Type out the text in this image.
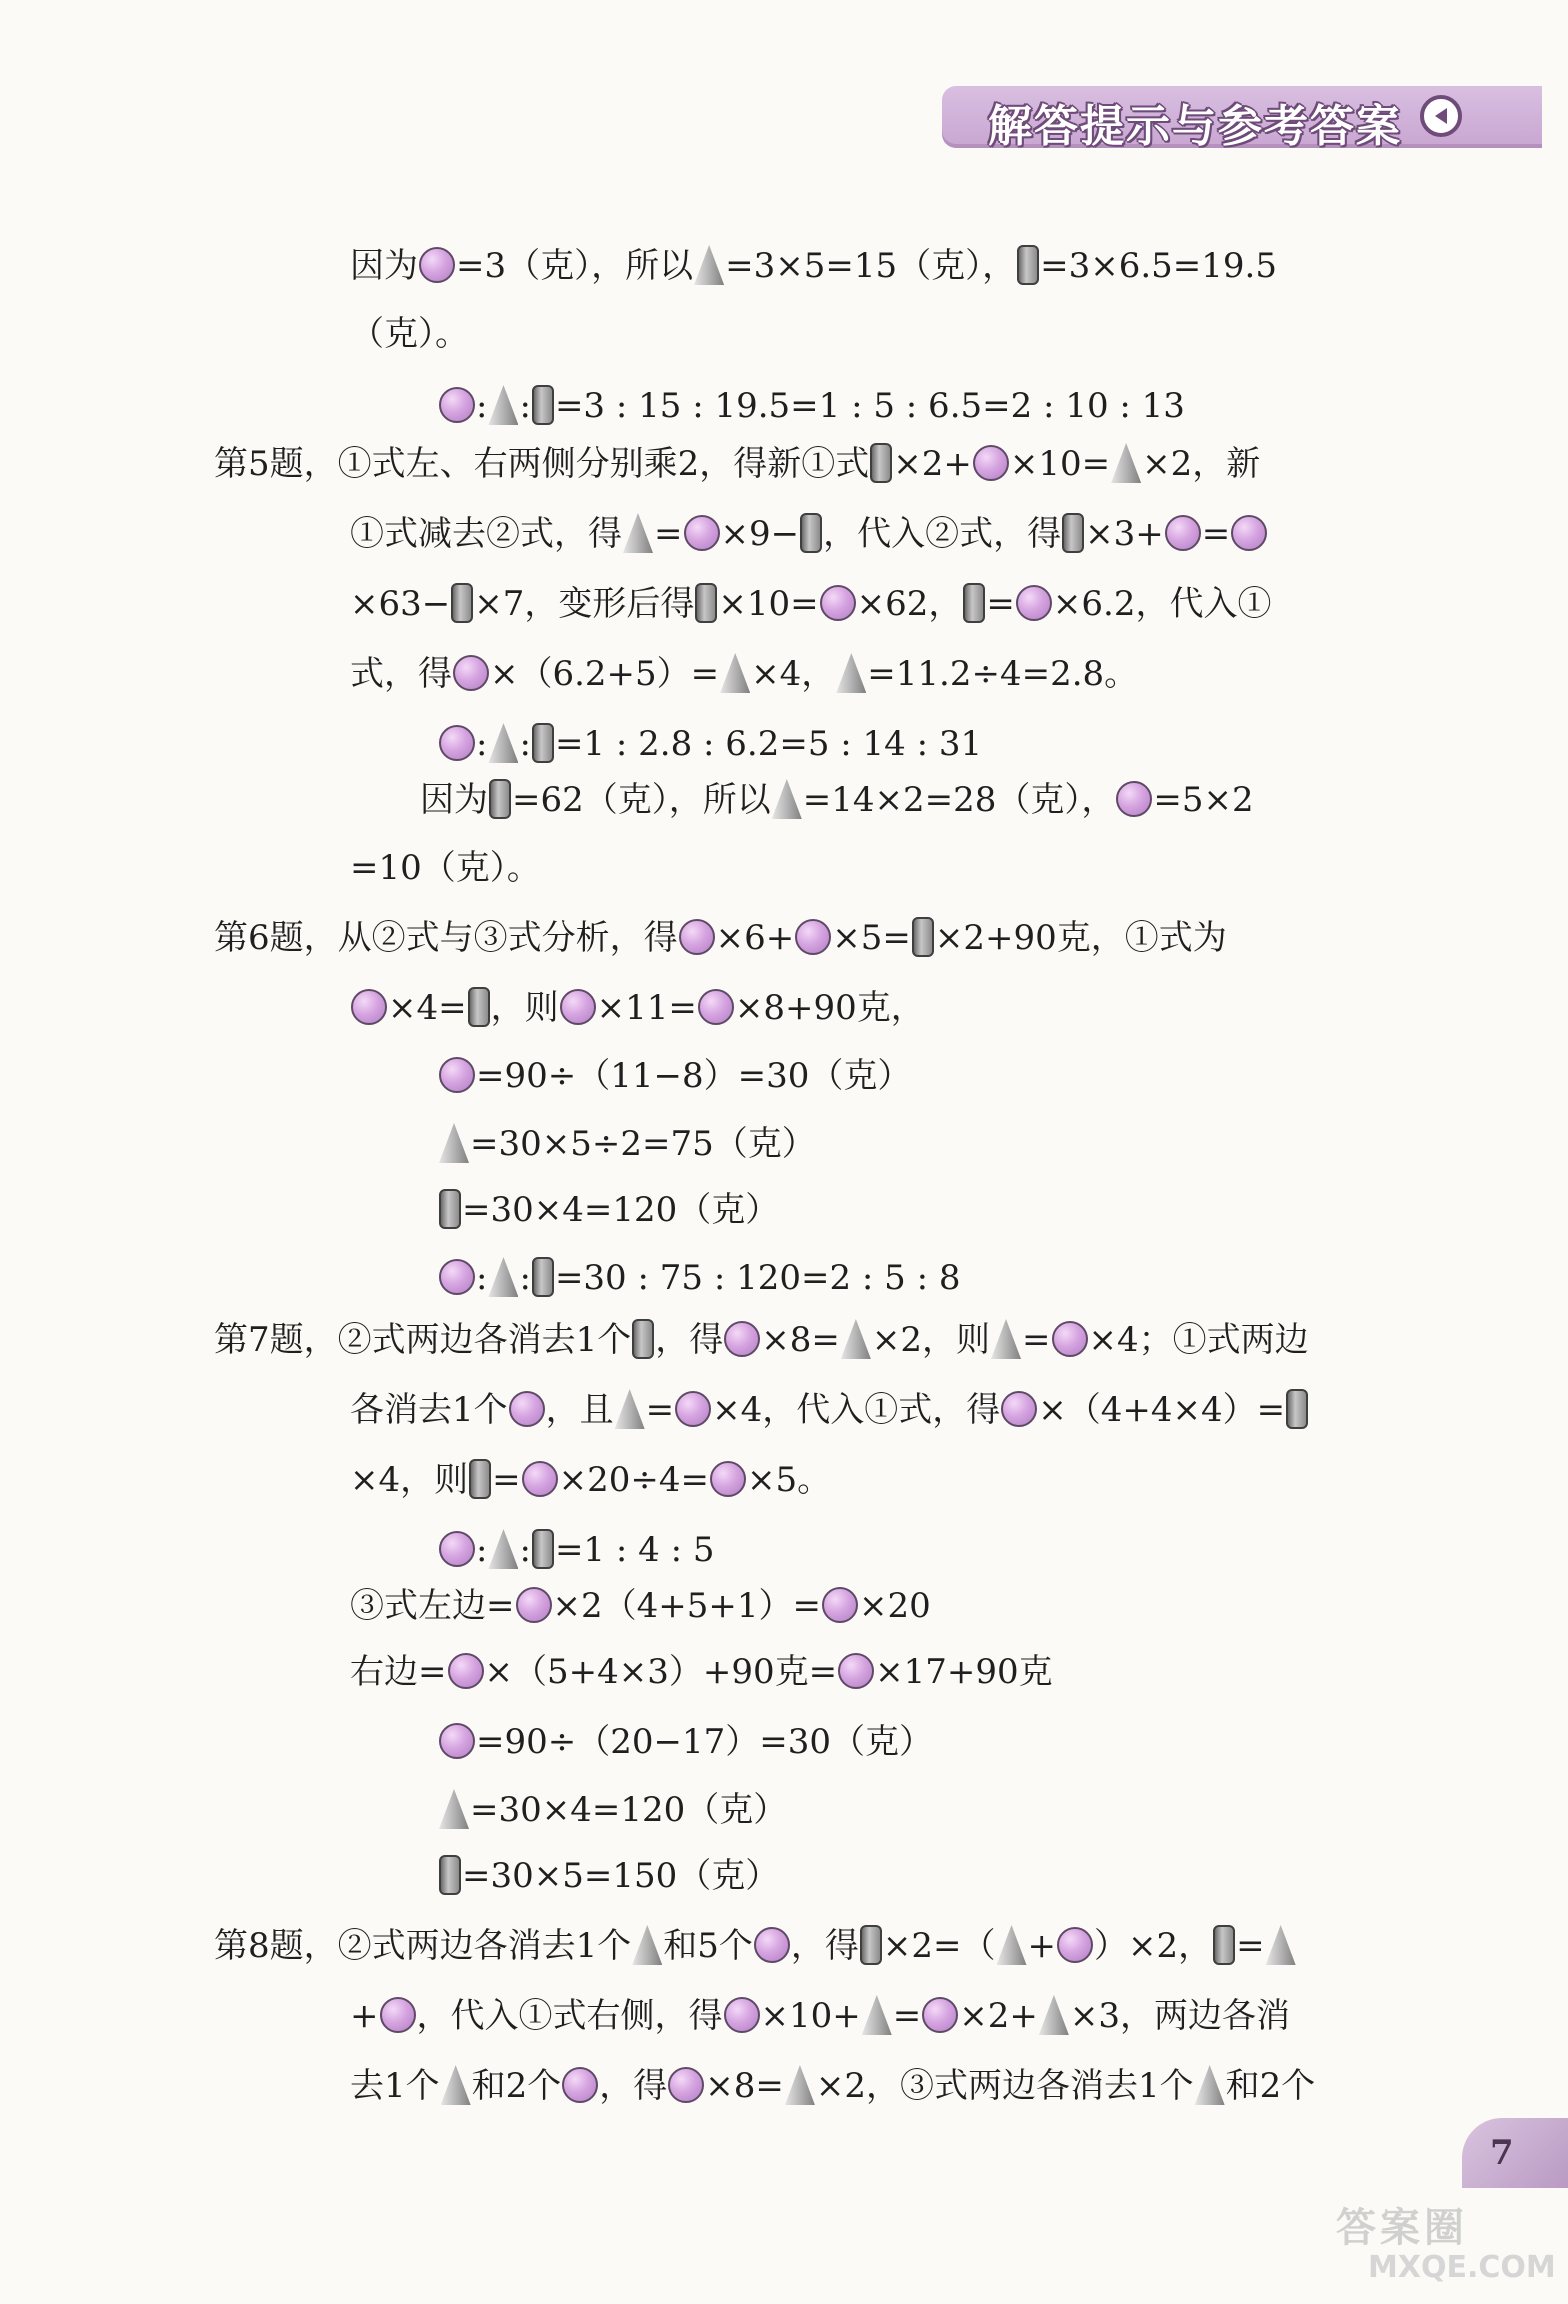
解答提示与参考答案
因为 =3（克），所以 =3×5=15（克）， =3×6.5=19.5
（克）。
: : =3 : 15 : 19.5=1 : 5 : 6.5=2 : 10 : 13
第5题，①式左、右两侧分别乘2，得新①式 ×2+ ×10= ×2，新
①式减去②式，得 = ×9− ，代入②式，得 ×3+ =
×63− ×7，变形后得 ×10= ×62， = ×6.2，代入①
式，得 ×（6.2+5）= ×4， =11.2÷4=2.8。
: : =1 : 2.8 : 6.2=5 : 14 : 31
因为 =62（克），所以 =14×2=28（克）， =5×2
=10（克）。
第6题，从②式与③式分析，得 ×6+ ×5= ×2+90克，①式为
×4= ，则 ×11= ×8+90克，
=90÷（11−8）=30（克）
=30×5÷2=75（克）
=30×4=120（克）
: : =30 : 75 : 120=2 : 5 : 8
第7题，②式两边各消去1个 ，得 ×8= ×2，则 = ×4；①式两边
各消去1个 ，且 = ×4，代入①式，得 ×（4+4×4）=
×4，则 = ×20÷4= ×5。
: : =1 : 4 : 5
③式左边= ×2（4+5+1）= ×20
右边= ×（5+4×3）+90克= ×17+90克
=90÷（20−17）=30（克）
=30×4=120（克）
=30×5=150（克）
第8题，②式两边各消去1个 和5个 ，得 ×2=（ + ）×2， =
+ ，代入①式右侧，得 ×10+ = ×2+ ×3，两边各消
去1个 和2个 ，得 ×8= ×2，③式两边各消去1个 和2个
7
答案圈
MXQE.COM
